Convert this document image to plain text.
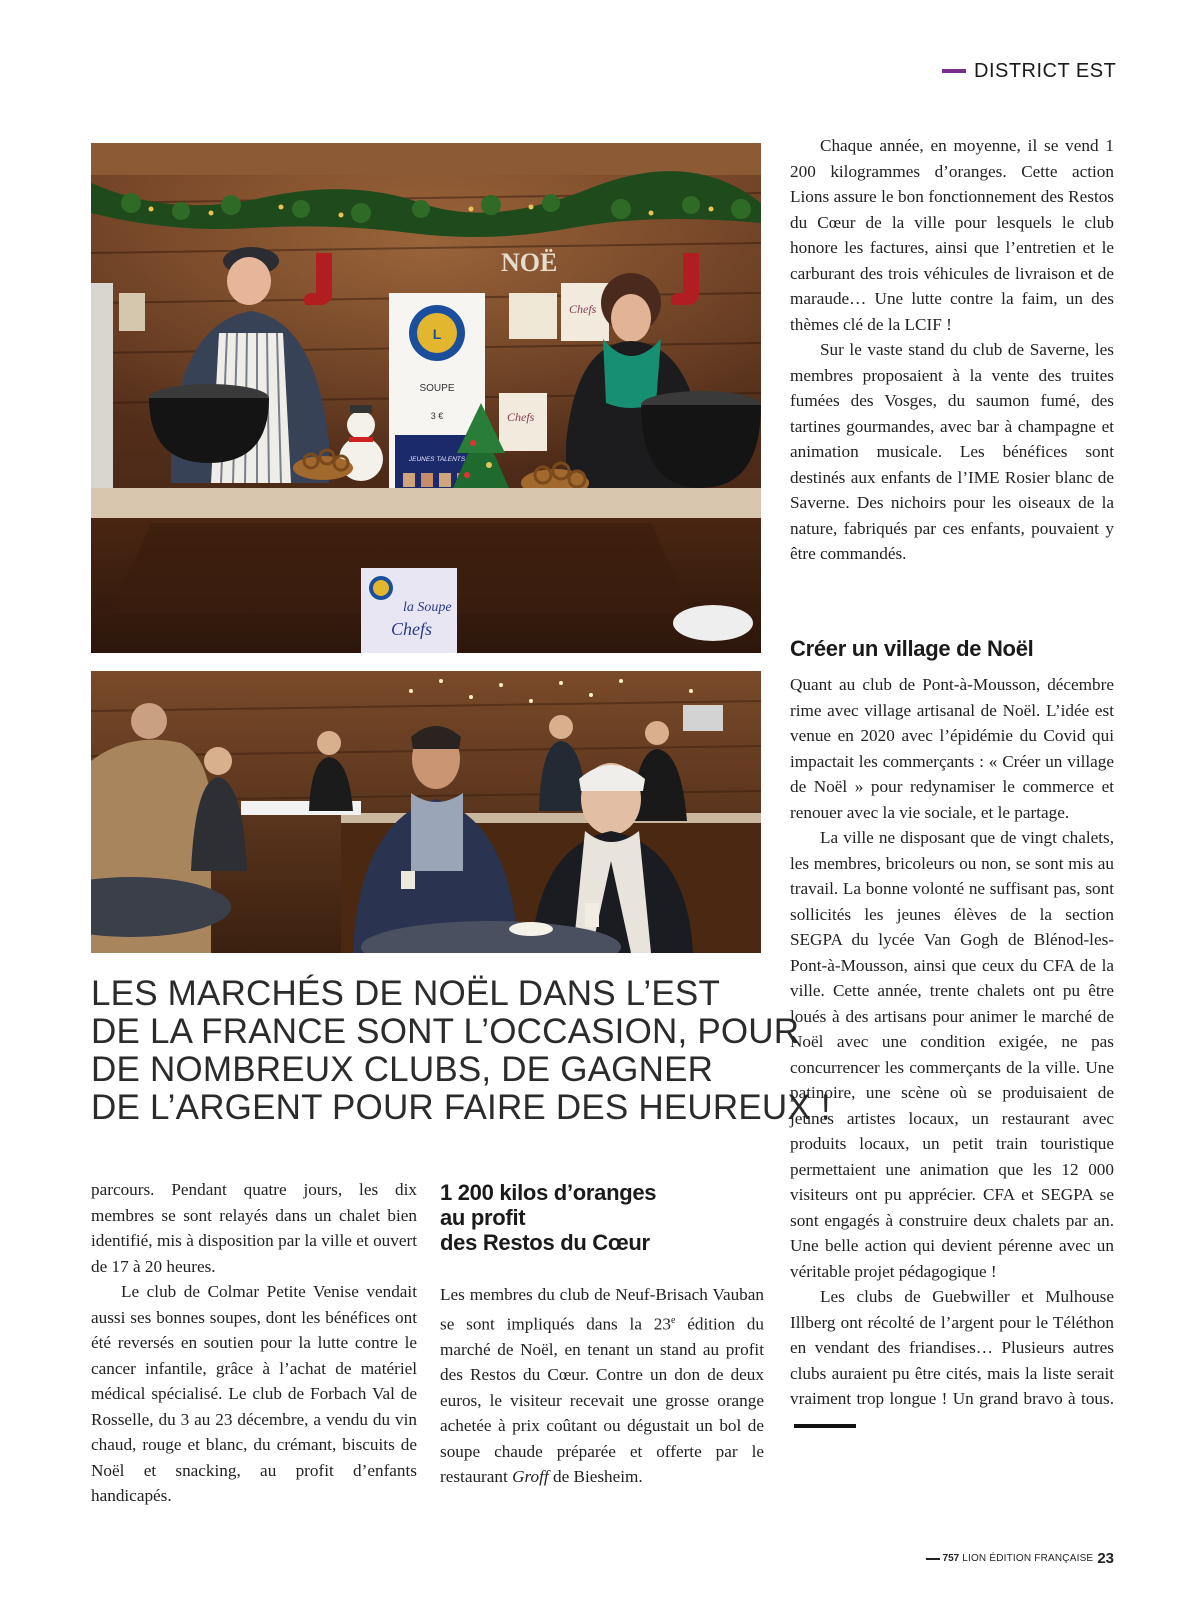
DISTRICT EST
NOË
Chefs
Chefs
L
SOUPE
3 €
JEUNES TALENTS
la Soupe
Chefs
LES MARCHÉS DE NOËL DANS L’EST
DE LA FRANCE SONT L’OCCASION, POUR
DE NOMBREUX CLUBS, DE GAGNER
DE L’ARGENT POUR FAIRE DES HEUREUX !

parcours. Pendant quatre jours, les dix membres se sont relayés dans un chalet bien identifié, mis à disposition par la ville et ouvert de 17 à 20 heures.

Le club de Colmar Petite Venise vendait aussi ses bonnes soupes, dont les bénéfices ont été reversés en soutien pour la lutte contre le cancer infantile, grâce à l’achat de matériel médical spécialisé. Le club de Forbach Val de Rosselle, du 3 au 23 décembre, a vendu du vin chaud, rouge et blanc, du crémant, biscuits de Noël et snacking, au profit d’enfants handicapés.

1 200 kilos d’oranges
au profit
des Restos du Cœur

Les membres du club de Neuf-Brisach Vauban se sont impliqués dans la 23e édition du marché de Noël, en tenant un stand au profit des Restos du Cœur. Contre un don de deux euros, le visiteur recevait une grosse orange achetée à prix coûtant ou dégustait un bol de soupe chaude préparée et offerte par le restaurant Groff de Biesheim.

Chaque année, en moyenne, il se vend 1 200 kilogrammes d’oranges. Cette action Lions assure le bon fonctionnement des Restos du Cœur de la ville pour lesquels le club honore les factures, ainsi que l’entretien et le carburant des trois véhicules de livraison et de maraude… Une lutte contre la faim, un des thèmes clé de la LCIF !

Sur le vaste stand du club de Saverne, les membres proposaient à la vente des truites fumées des Vosges, du saumon fumé, des tartines gourmandes, avec bar à champagne et animation musicale. Les bénéfices sont destinés aux enfants de l’IME Rosier blanc de Saverne. Des nichoirs pour les oiseaux de la nature, fabriqués par ces enfants, pouvaient y être commandés.

Créer un village de Noël

Quant au club de Pont-à-Mousson, décembre rime avec village artisanal de Noël. L’idée est venue en 2020 avec l’épidémie du Covid qui impactait les commerçants : « Créer un village de Noël » pour redynamiser le commerce et renouer avec la vie sociale, et le partage.

La ville ne disposant que de vingt chalets, les membres, bricoleurs ou non, se sont mis au travail. La bonne volonté ne suffisant pas, sont sollicités les jeunes élèves de la section SEGPA du lycée Van Gogh de Blénod-les-Pont-à-Mousson, ainsi que ceux du CFA de la ville. Cette année, trente chalets ont pu être loués à des artisans pour animer le marché de Noël avec une condition exigée, ne pas concurrencer les commerçants de la ville. Une patinoire, une scène où se produisaient de jeunes artistes locaux, un restaurant avec produits locaux, un petit train touristique permettaient une animation que les 12 000 visiteurs ont pu apprécier. CFA et SEGPA se sont engagés à construire deux chalets par an. Une belle action qui devient pérenne avec un véritable projet pédagogique !

Les clubs de Guebwiller et Mulhouse Illberg ont récolté de l’argent pour le Téléthon en vendant des friandises… Plusieurs autres clubs auraient pu être cités, mais la liste serait vraiment trop longue ! Un grand bravo à tous.

757 LION ÉDITION FRANÇAISE 23
